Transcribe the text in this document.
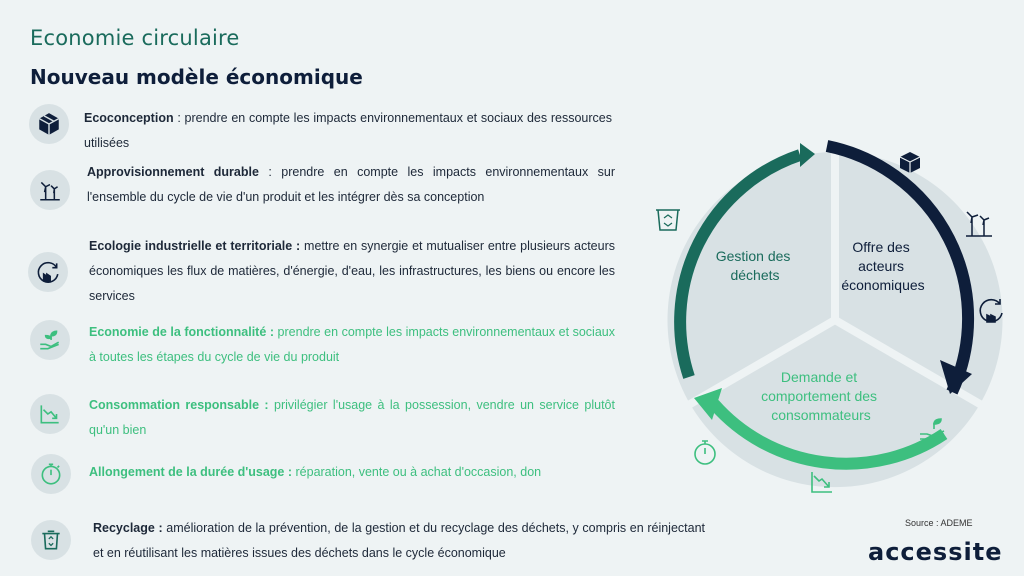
Economie circulaire
Nouveau modèle économique
Ecoconception : prendre en compte les impacts environnementaux et sociaux des ressources utilisées
Approvisionnement durable : prendre en compte les impacts environnementaux sur l'ensemble du cycle de vie d'un produit et les intégrer dès sa conception
Ecologie industrielle et territoriale : mettre en synergie et mutualiser entre plusieurs acteurs économiques les flux de matières, d'énergie, d'eau, les infrastructures, les biens ou encore les services
Economie de la fonctionnalité : prendre en compte les impacts environnementaux et sociaux à toutes les étapes du cycle de vie du produit
Consommation responsable : privilégier l'usage à la possession, vendre un service plutôt qu'un bien
Allongement de la durée d'usage : réparation, vente ou à achat d'occasion, don
Recyclage : amélioration de la prévention, de la gestion et du recyclage des déchets, y compris en réinjectant et en réutilisant les matières issues des déchets dans le cycle économique
Gestion des déchets
Offre des acteurs économiques
Demande et comportement des consommateurs
Source : ADEME
accessite
